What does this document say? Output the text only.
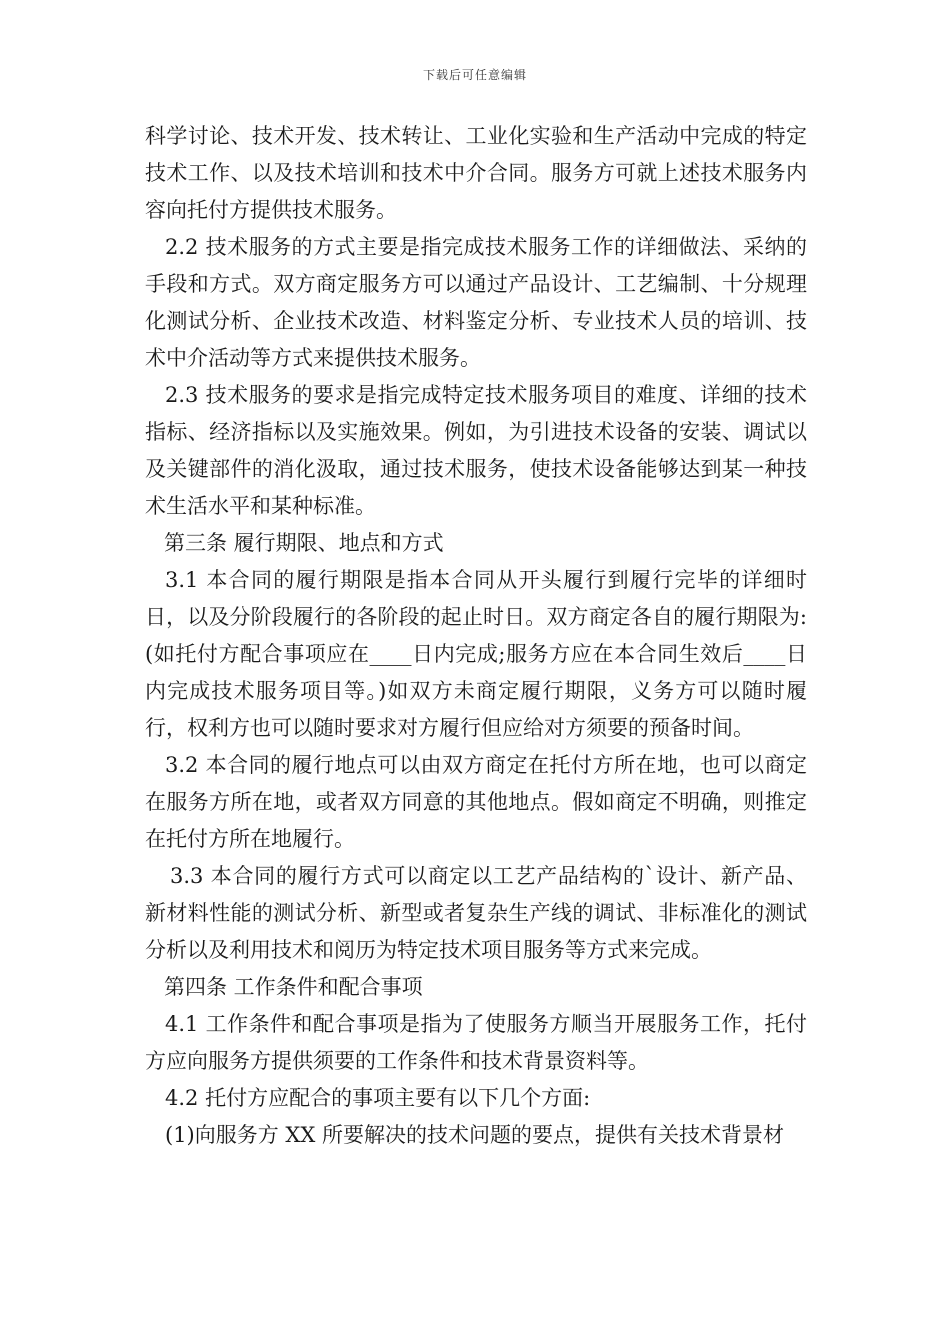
下载后可任意编辑

科学讨论、技术开发、技术转让、工业化实验和生产活动中完成的特定技术工作、以及技术培训和技术中介合同。服务方可就上述技术服务内容向托付方提供技术服务。

2.2 技术服务的方式主要是指完成技术服务工作的详细做法、采纳的手段和方式。双方商定服务方可以通过产品设计、工艺编制、十分规理化测试分析、企业技术改造、材料鉴定分析、专业技术人员的培训、技术中介活动等方式来提供技术服务。

2.3 技术服务的要求是指完成特定技术服务项目的难度、详细的技术指标、经济指标以及实施效果。例如，为引进技术设备的安装、调试以及关键部件的消化汲取，通过技术服务，使技术设备能够达到某一种技术生活水平和某种标准。

第三条 履行期限、地点和方式

3.1 本合同的履行期限是指本合同从开头履行到履行完毕的详细时日，以及分阶段履行的各阶段的起止时日。双方商定各自的履行期限为:(如托付方配合事项应在____日内完成;服务方应在本合同生效后____日内完成技术服务项目等。)如双方未商定履行期限，义务方可以随时履行，权利方也可以随时要求对方履行但应给对方须要的预备时间。

3.2 本合同的履行地点可以由双方商定在托付方所在地，也可以商定在服务方所在地，或者双方同意的其他地点。假如商定不明确，则推定在托付方所在地履行。

3.3 本合同的履行方式可以商定以工艺产品结构的`设计、新产品、新材料性能的测试分析、新型或者复杂生产线的调试、非标准化的测试分析以及利用技术和阅历为特定技术项目服务等方式来完成。

第四条 工作条件和配合事项

4.1 工作条件和配合事项是指为了使服务方顺当开展服务工作，托付方应向服务方提供须要的工作条件和技术背景资料等。

4.2 托付方应配合的事项主要有以下几个方面:

(1)向服务方 XX 所要解决的技术问题的要点，提供有关技术背景材
